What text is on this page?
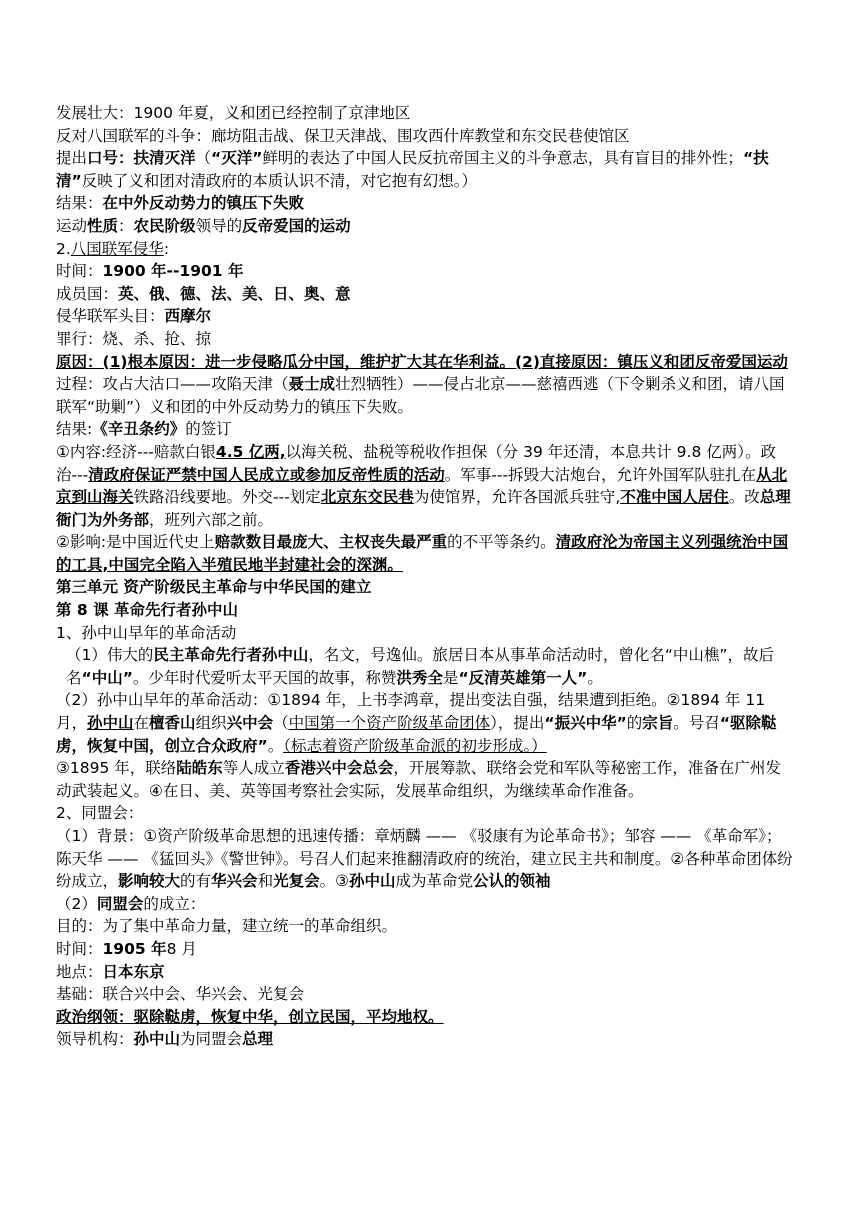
发展壮大：1900 年夏，义和团已经控制了京津地区

反对八国联军的斗争：廊坊阻击战、保卫天津战、围攻西什库教堂和东交民巷使馆区

提出口号：扶清灭洋（“灭洋”鲜明的表达了中国人民反抗帝国主义的斗争意志，具有盲目的排外性；“扶清”反映了义和团对清政府的本质认识不清，对它抱有幻想。）

结果：在中外反动势力的镇压下失败

运动性质：农民阶级领导的反帝爱国的运动

2.八国联军侵华:

时间：1900 年--1901 年

成员国：英、俄、德、法、美、日、奥、意

侵华联军头目：西摩尔

罪行：烧、杀、抢、掠

原因：(1)根本原因：进一步侵略瓜分中国，维护扩大其在华利益。(2)直接原因：镇压义和团反帝爱国运动

过程：攻占大沽口——攻陷天津（聂士成壮烈牺牲）——侵占北京——慈禧西逃（下令剿杀义和团，请八国联军“助剿”）义和团的中外反动势力的镇压下失败。

结果:《辛丑条约》的签订

①内容:经济---赔款白银4.5 亿两,以海关税、盐税等税收作担保（分 39 年还清，本息共计 9.8 亿两）。政治---清政府保证严禁中国人民成立或参加反帝性质的活动。军事---拆毁大沽炮台，允许外国军队驻扎在从北京到山海关铁路沿线要地。外交---划定北京东交民巷为使馆界，允许各国派兵驻守,不准中国人居住。改总理衙门为外务部，班列六部之前。

②影响:是中国近代史上赔款数目最庞大、主权丧失最严重的不平等条约。清政府沦为帝国主义列强统治中国的工具,中国完全陷入半殖民地半封建社会的深渊。

第三单元 资产阶级民主革命与中华民国的建立

第 8 课 革命先行者孙中山

1、孙中山早年的革命活动

（1）伟大的民主革命先行者孙中山，名文，号逸仙。旅居日本从事革命活动时，曾化名“中山樵”，故后名“中山”。少年时代爱听太平天国的故事，称赞洪秀全是“反清英雄第一人”。

（2）孙中山早年的革命活动：①1894 年，上书李鸿章，提出变法自强，结果遭到拒绝。②1894 年 11 月，孙中山在檀香山组织兴中会（中国第一个资产阶级革命团体），提出“振兴中华”的宗旨。号召“驱除鞑虏，恢复中国，创立合众政府”。（标志着资产阶级革命派的初步形成。）

③1895 年，联络陆皓东等人成立香港兴中会总会，开展筹款、联络会党和军队等秘密工作，准备在广州发动武装起义。④在日、美、英等国考察社会实际，发展革命组织，为继续革命作准备。

2、同盟会：

（1）背景：①资产阶级革命思想的迅速传播：章炳麟 —— 《驳康有为论革命书》；邹容 —— 《革命军》；陈天华 —— 《猛回头》《警世钟》。号召人们起来推翻清政府的统治，建立民主共和制度。②各种革命团体纷纷成立，影响较大的有华兴会和光复会。③孙中山成为革命党公认的领袖

（2）同盟会的成立：

目的：为了集中革命力量，建立统一的革命组织。

时间：1905 年8 月

地点：日本东京

基础：联合兴中会、华兴会、光复会

政治纲领：驱除鞑虏，恢复中华，创立民国，平均地权。

领导机构：孙中山为同盟会总理
